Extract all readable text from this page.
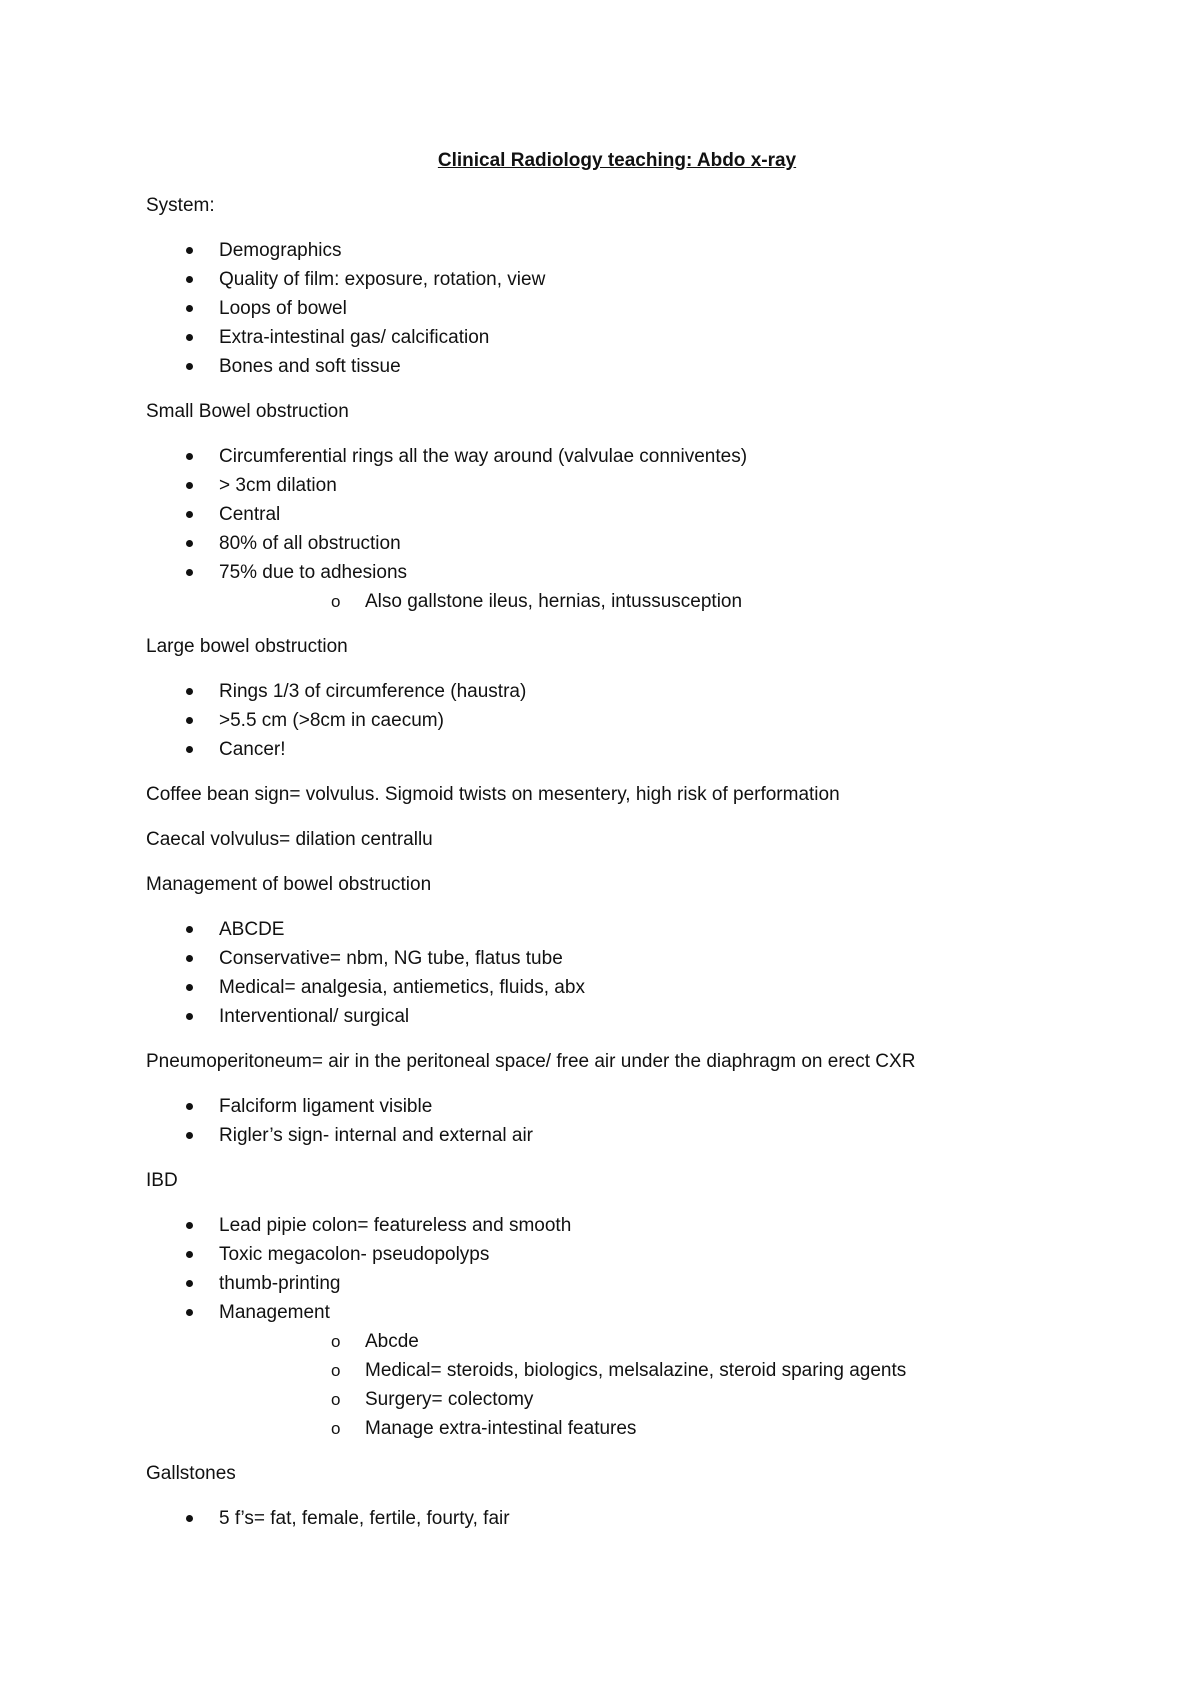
Clinical Radiology teaching: Abdo x-ray
System:
Demographics
Quality of film: exposure, rotation, view
Loops of bowel
Extra-intestinal gas/ calcification
Bones and soft tissue
Small Bowel obstruction
Circumferential rings all the way around (valvulae conniventes)
> 3cm dilation
Central
80% of all obstruction
75% due to adhesions
o Also gallstone ileus, hernias, intussusception
Large bowel obstruction
Rings 1/3 of circumference (haustra)
>5.5 cm (>8cm in caecum)
Cancer!
Coffee bean sign= volvulus. Sigmoid twists on mesentery, high risk of performation
Caecal volvulus= dilation centrallu
Management of bowel obstruction
ABCDE
Conservative= nbm, NG tube, flatus tube
Medical= analgesia, antiemetics, fluids, abx
Interventional/ surgical
Pneumoperitoneum= air in the peritoneal space/ free air under the diaphragm on erect CXR
Falciform ligament visible
Rigler’s sign- internal and external air
IBD
Lead pipie colon= featureless and smooth
Toxic megacolon- pseudopolyps
thumb-printing
Management
o Abcde
o Medical= steroids, biologics, melsalazine, steroid sparing agents
o Surgery= colectomy
o Manage extra-intestinal features
Gallstones
5 f’s= fat, female, fertile, fourty, fair
